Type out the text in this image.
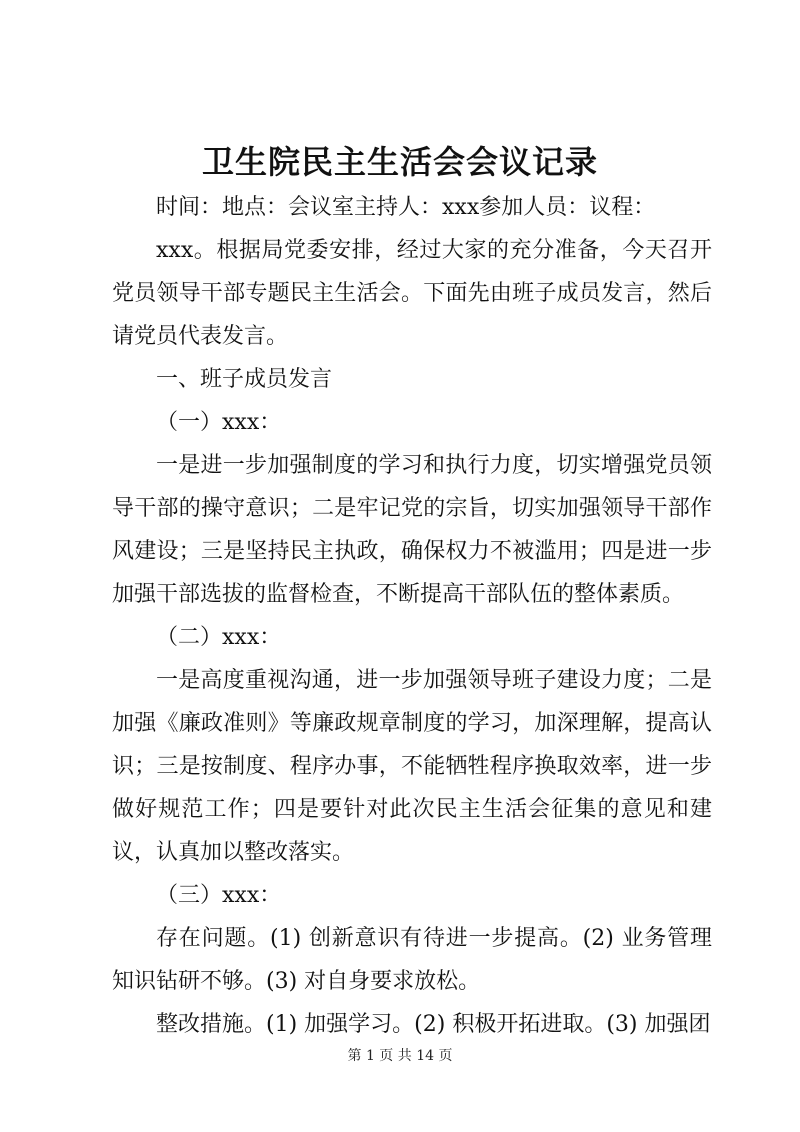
卫生院民主生活会会议记录

时间：地点：会议室主持人：xxx参加人员：议程：

xxx。根据局党委安排，经过大家的充分准备，今天召开党员领导干部专题民主生活会。下面先由班子成员发言，然后请党员代表发言。

一、班子成员发言

（一）xxx：

一是进一步加强制度的学习和执行力度，切实增强党员领导干部的操守意识；二是牢记党的宗旨，切实加强领导干部作风建设；三是坚持民主执政，确保权力不被滥用；四是进一步加强干部选拔的监督检查，不断提高干部队伍的整体素质。

（二）xxx：

一是高度重视沟通，进一步加强领导班子建设力度；二是加强《廉政准则》等廉政规章制度的学习，加深理解，提高认识；三是按制度、程序办事，不能牺牲程序换取效率，进一步做好规范工作；四是要针对此次民主生活会征集的意见和建议，认真加以整改落实。

（三）xxx：

存在问题。(1) 创新意识有待进一步提高。(2) 业务管理知识钻研不够。(3) 对自身要求放松。

整改措施。(1) 加强学习。(2) 积极开拓进取。(3) 加强团

第 1 页 共 14 页
